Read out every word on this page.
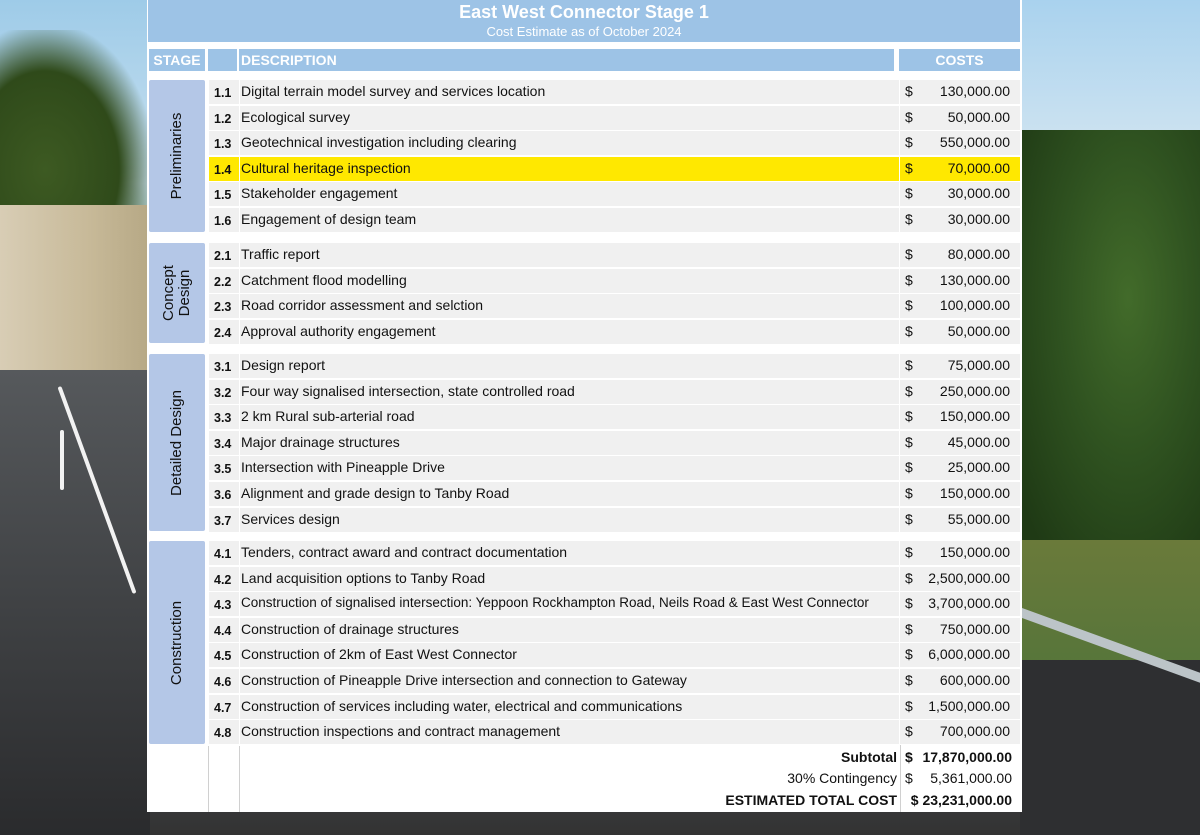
East West Connector Stage 1
Cost Estimate as of October 2024
STAGE	DESCRIPTION	COSTS
Subtotal $ 17,870,000.00
30% Contingency $ 5,361,000.00
ESTIMATED TOTAL COST $ 23,231,000.00
Preliminaries
1.1 Digital terrain model survey and services location	$ 130,000.00
1.2 Ecological survey	$ 50,000.00
1.3 Geotechnical investigation including clearing	$ 550,000.00
1.4 Cultural heritage inspection	$ 70,000.00
1.5 Stakeholder engagement	$ 30,000.00
1.6 Engagement of design team	$ 30,000.00
Concept Design
2.1 Traffic report	$ 80,000.00
2.2 Catchment flood modelling	$ 130,000.00
2.3 Road corridor assessment and selction	$ 100,000.00
2.4 Approval authority engagement	$ 50,000.00
Detailed Design
3.1 Design report	$ 75,000.00
3.2 Four way signalised intersection, state controlled road	$ 250,000.00
3.3 2 km Rural sub-arterial road	$ 150,000.00
3.4 Major drainage structures	$ 45,000.00
3.5 Intersection with Pineapple Drive	$ 25,000.00
3.6 Alignment and grade design to Tanby Road	$ 150,000.00
3.7 Services design	$ 55,000.00
Construction
4.1 Tenders, contract award and contract documentation	$ 150,000.00
4.2 Land acquisition options to Tanby Road	$ 2,500,000.00
4.3 Construction of signalised intersection: Yeppoon Rockhampton Road, Neils Road & East West Connector	$ 3,700,000.00
4.4 Construction of drainage structures	$ 750,000.00
4.5 Construction of 2km of East West Connector	$ 6,000,000.00
4.6 Construction of Pineapple Drive intersection and connection to Gateway	$ 600,000.00
4.7 Construction of services including water, electrical and communications	$ 1,500,000.00
4.8 Construction inspections and contract management	$ 700,000.00
